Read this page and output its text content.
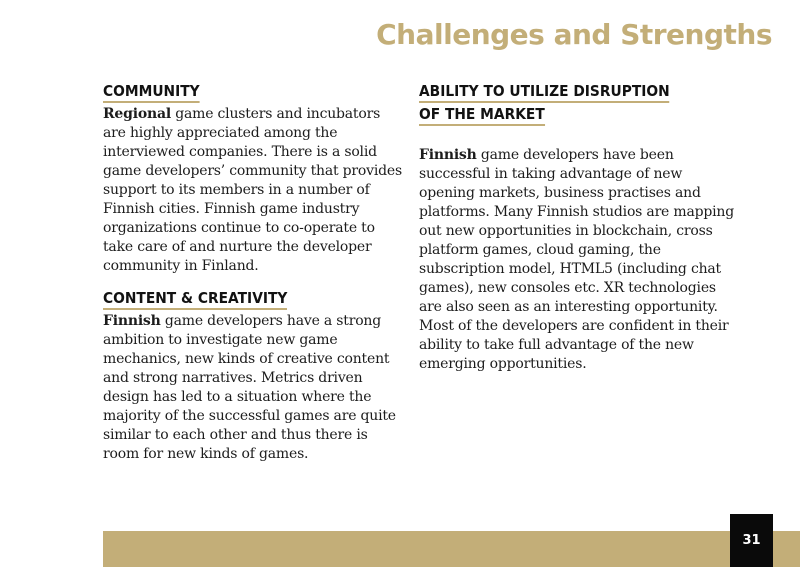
Challenges and Strengths
COMMUNITY

Regional game clusters and incubators are highly appreciated among the interviewed companies. There is a solid game developers’ community that provides support to its members in a number of Finnish cities. Finnish game industry organizations continue to co-operate to take care of and nurture the developer community in Finland.

CONTENT & CREATIVITY

Finnish game developers have a strong ambition to investigate new game mechanics, new kinds of creative content and strong narratives. Metrics driven design has led to a situation where the majority of the successful games are quite similar to each other and thus there is room for new kinds of games.

ABILITY TO UTILIZE DISRUPTION
OF THE MARKET

Finnish game developers have been successful in taking advantage of new opening markets, business practises and platforms. Many Finnish studios are mapping out new opportunities in blockchain, cross platform games, cloud gaming, the subscription model, HTML5 (including chat games), new consoles etc. XR technologies are also seen as an interesting opportunity. Most of the developers are confident in their ability to take full advantage of the new emerging opportunities.

31
